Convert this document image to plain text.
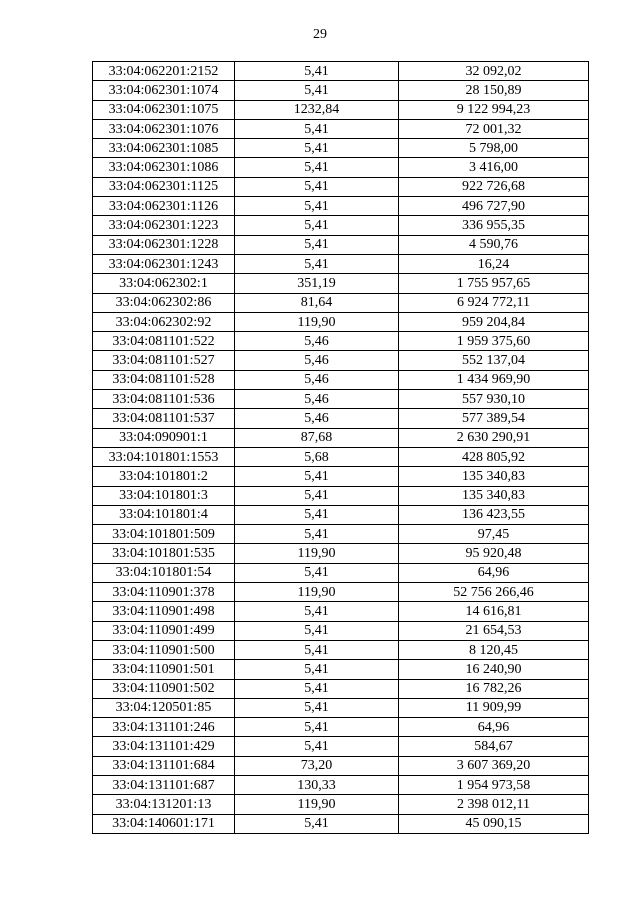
29
33:04:062201:2152	5,41	32 092,02
33:04:062301:1074	5,41	28 150,89
33:04:062301:1075	1232,84	9 122 994,23
33:04:062301:1076	5,41	72 001,32
33:04:062301:1085	5,41	5 798,00
33:04:062301:1086	5,41	3 416,00
33:04:062301:1125	5,41	922 726,68
33:04:062301:1126	5,41	496 727,90
33:04:062301:1223	5,41	336 955,35
33:04:062301:1228	5,41	4 590,76
33:04:062301:1243	5,41	16,24
33:04:062302:1	351,19	1 755 957,65
33:04:062302:86	81,64	6 924 772,11
33:04:062302:92	119,90	959 204,84
33:04:081101:522	5,46	1 959 375,60
33:04:081101:527	5,46	552 137,04
33:04:081101:528	5,46	1 434 969,90
33:04:081101:536	5,46	557 930,10
33:04:081101:537	5,46	577 389,54
33:04:090901:1	87,68	2 630 290,91
33:04:101801:1553	5,68	428 805,92
33:04:101801:2	5,41	135 340,83
33:04:101801:3	5,41	135 340,83
33:04:101801:4	5,41	136 423,55
33:04:101801:509	5,41	97,45
33:04:101801:535	119,90	95 920,48
33:04:101801:54	5,41	64,96
33:04:110901:378	119,90	52 756 266,46
33:04:110901:498	5,41	14 616,81
33:04:110901:499	5,41	21 654,53
33:04:110901:500	5,41	8 120,45
33:04:110901:501	5,41	16 240,90
33:04:110901:502	5,41	16 782,26
33:04:120501:85	5,41	11 909,99
33:04:131101:246	5,41	64,96
33:04:131101:429	5,41	584,67
33:04:131101:684	73,20	3 607 369,20
33:04:131101:687	130,33	1 954 973,58
33:04:131201:13	119,90	2 398 012,11
33:04:140601:171	5,41	45 090,15
